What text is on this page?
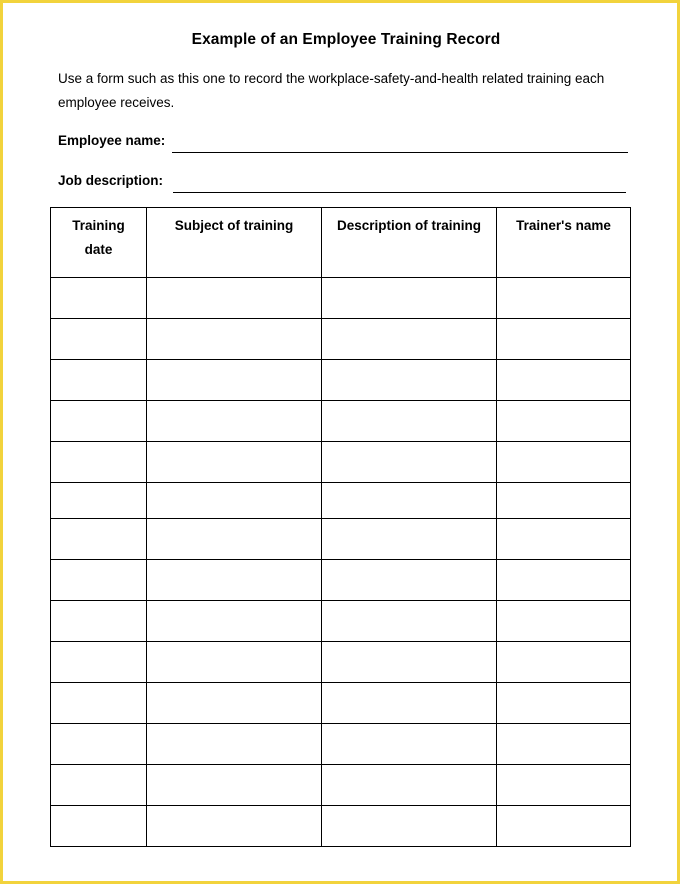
Example of an Employee Training Record
Use a form such as this one to record the workplace-safety-and-health related training each employee receives.
Employee name:
Job description:
Training date	Subject of training	Description of training	Trainer's name
